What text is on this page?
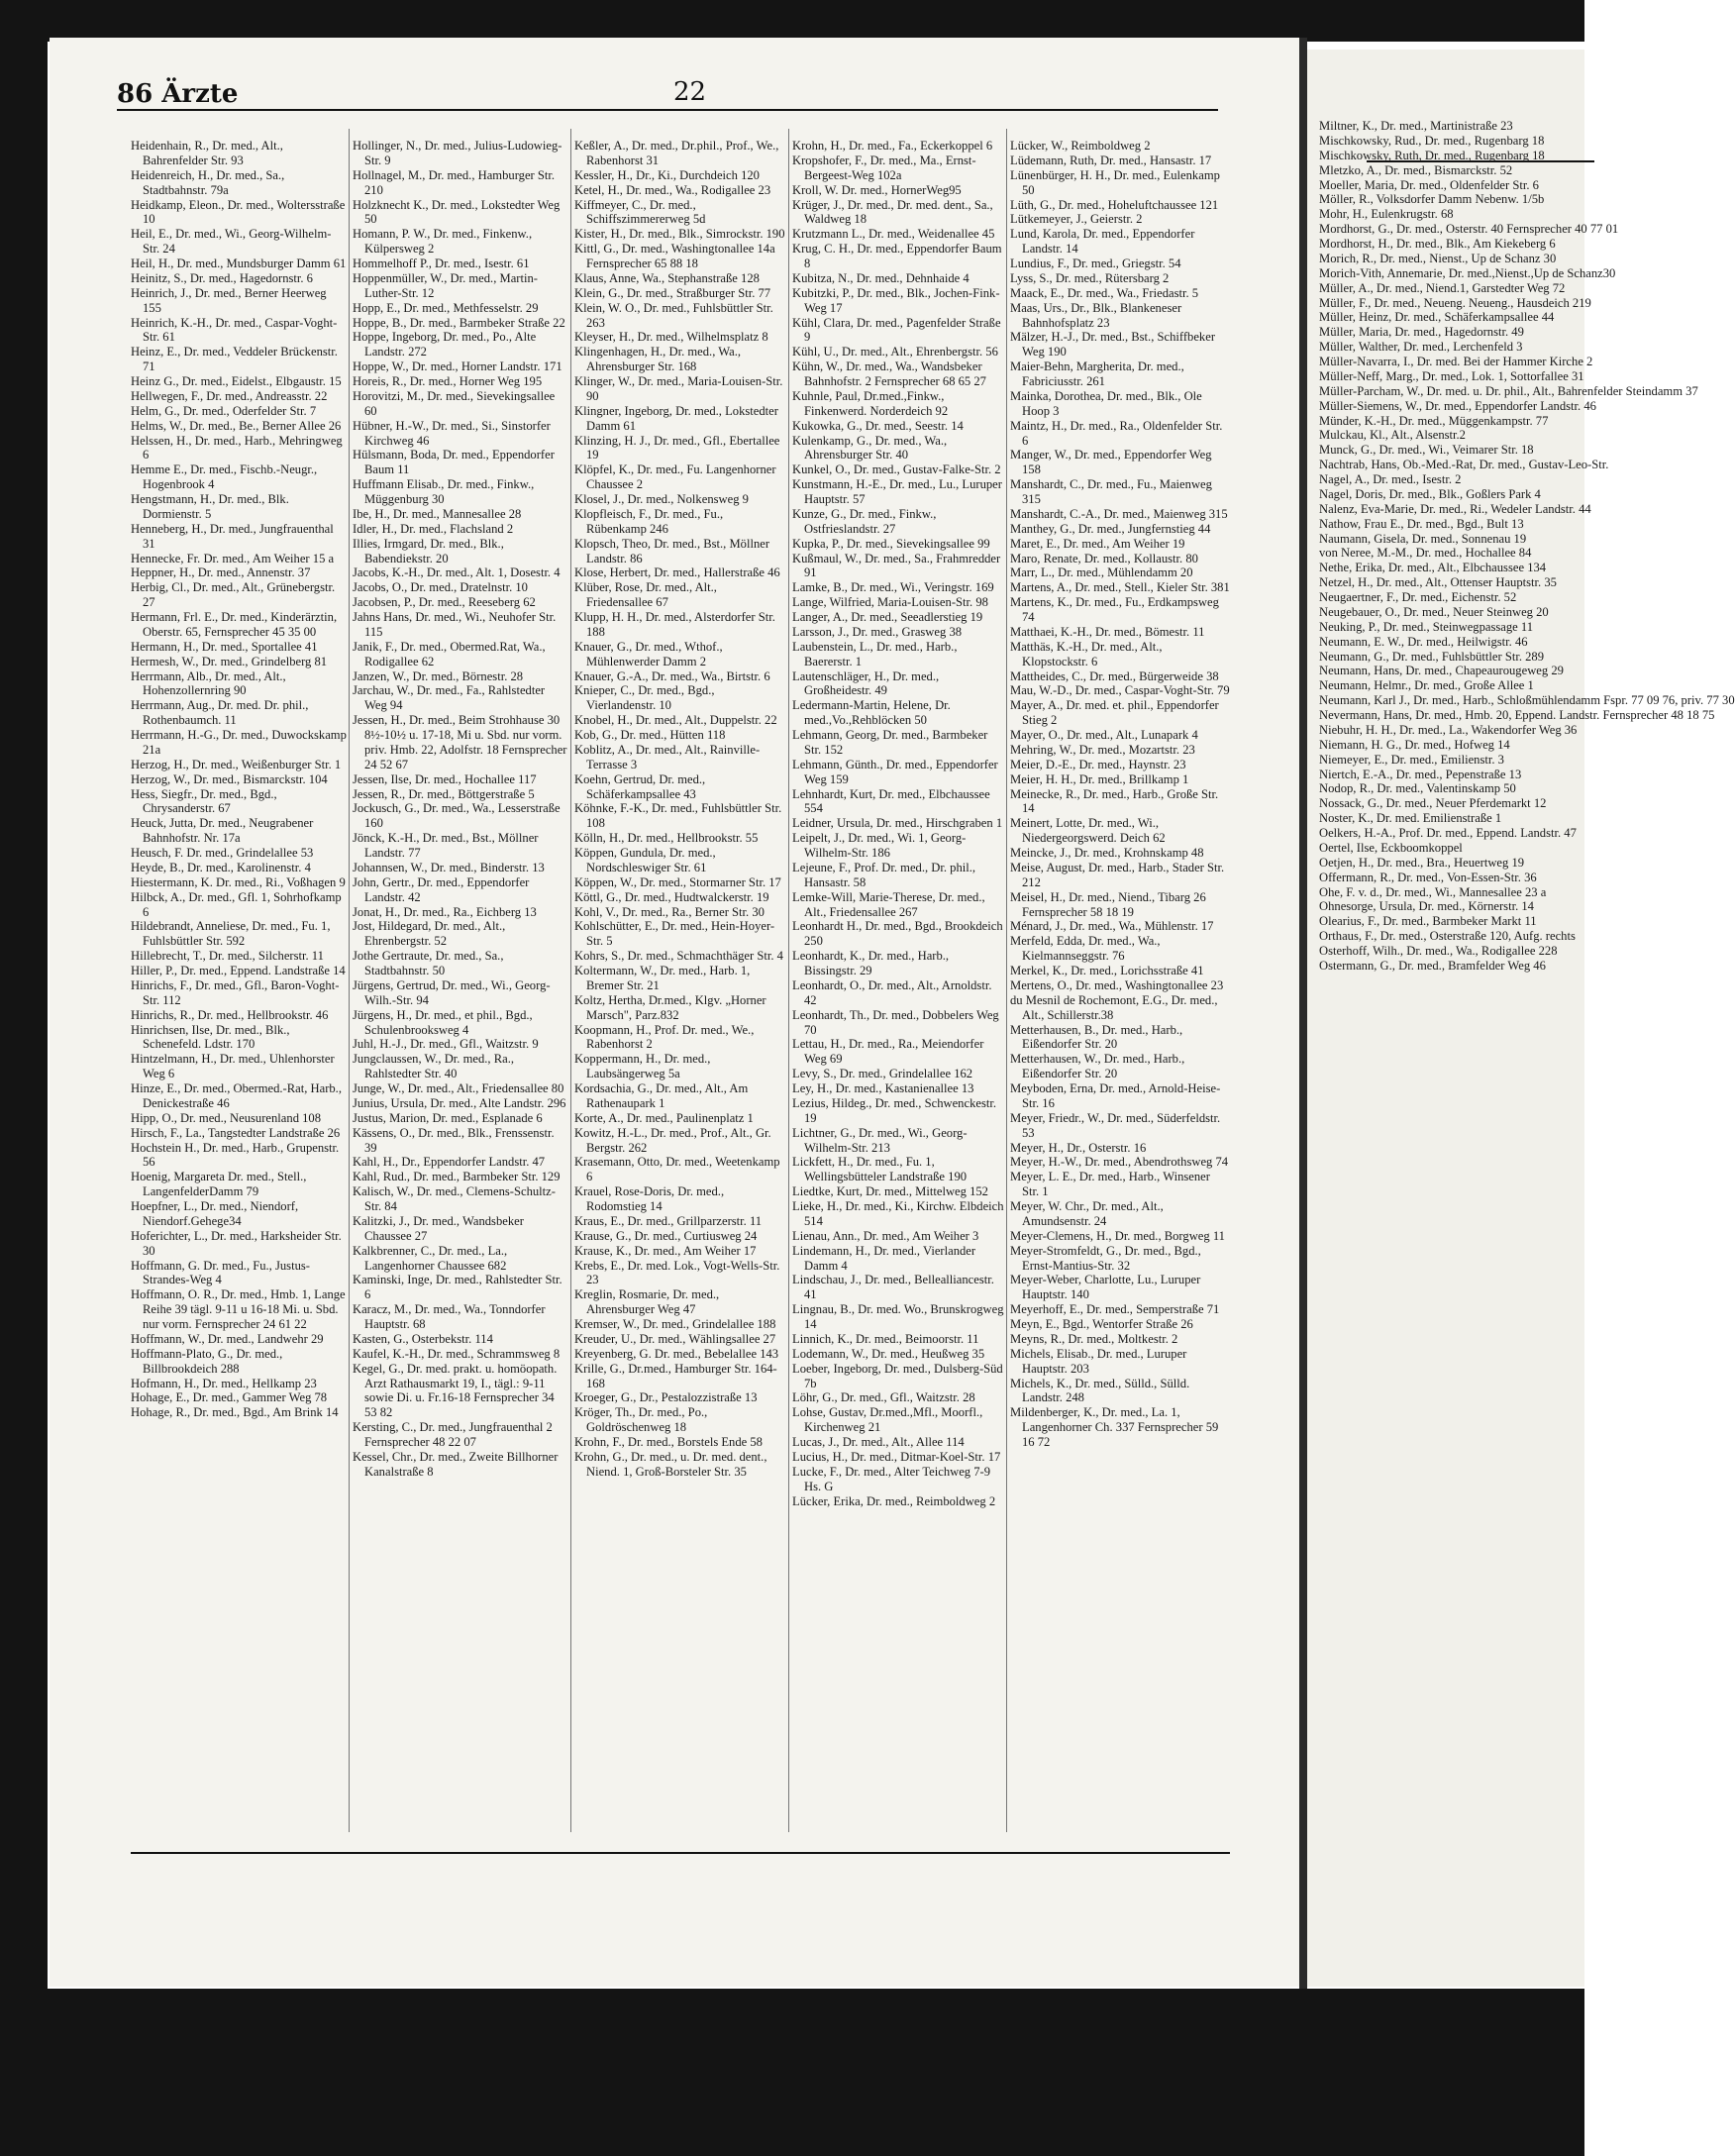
Miltner, K., Dr. med., Martinistraße 23

Mischkowsky, Rud., Dr. med., Rugenbarg 18

Mischkowsky, Ruth, Dr. med., Rugenbarg 18

Mletzko, A., Dr. med., Bismarckstr. 52

Moeller, Maria, Dr. med., Oldenfelder Str. 6

Möller, R., Volksdorfer Damm Nebenw. 1/5b

Mohr, H., Eulenkrugstr. 68

Mordhorst, G., Dr. med., Osterstr. 40 Fernsprecher 40 77 01

Mordhorst, H., Dr. med., Blk., Am Kiekeberg 6

Morich, R., Dr. med., Nienst., Up de Schanz 30

Morich-Vith, Annemarie, Dr. med.,Nienst.,Up de Schanz30

Müller, A., Dr. med., Niend.1, Garstedter Weg 72

Müller, F., Dr. med., Neueng. Neueng., Hausdeich 219

Müller, Heinz, Dr. med., Schäferkampsallee 44

Müller, Maria, Dr. med., Hagedornstr. 49

Müller, Walther, Dr. med., Lerchenfeld 3

Müller-Navarra, I., Dr. med. Bei der Hammer Kirche 2

Müller-Neff, Marg., Dr. med., Lok. 1, Sottorfallee 31

Müller-Parcham, W., Dr. med. u. Dr. phil., Alt., Bahrenfelder Steindamm 37

Müller-Siemens, W., Dr. med., Eppendorfer Landstr. 46

Münder, K.-H., Dr. med., Müggenkampstr. 77

Mulckau, Kl., Alt., Alsenstr.2

Munck, G., Dr. med., Wi., Veimarer Str. 18

Nachtrab, Hans, Ob.-Med.-Rat, Dr. med., Gustav-Leo-Str.

Nagel, A., Dr. med., Isestr. 2

Nagel, Doris, Dr. med., Blk., Goßlers Park 4

Nalenz, Eva-Marie, Dr. med., Ri., Wedeler Landstr. 44

Nathow, Frau E., Dr. med., Bgd., Bult 13

Naumann, Gisela, Dr. med., Sonnenau 19

von Neree, M.-M., Dr. med., Hochallee 84

Nethe, Erika, Dr. med., Alt., Elbchaussee 134

Netzel, H., Dr. med., Alt., Ottenser Hauptstr. 35

Neugaertner, F., Dr. med., Eichenstr. 52

Neugebauer, O., Dr. med., Neuer Steinweg 20

Neuking, P., Dr. med., Steinwegpassage 11

Neumann, E. W., Dr. med., Heilwigstr. 46

Neumann, G., Dr. med., Fuhlsbüttler Str. 289

Neumann, Hans, Dr. med., Chapeaurougeweg 29

Neumann, Helmr., Dr. med., Große Allee 1

Neumann, Karl J., Dr. med., Harb., Schloßmühlendamm Fspr. 77 09 76, priv. 77 30

Nevermann, Hans, Dr. med., Hmb. 20, Eppend. Landstr. Fernsprecher 48 18 75

Niebuhr, H. H., Dr. med., La., Wakendorfer Weg 36

Niemann, H. G., Dr. med., Hofweg 14

Niemeyer, E., Dr. med., Emilienstr. 3

Niertch, E.-A., Dr. med., Pepenstraße 13

Nodop, R., Dr. med., Valentinskamp 50

Nossack, G., Dr. med., Neuer Pferdemarkt 12

Noster, K., Dr. med. Emilienstraße 1

Oelkers, H.-A., Prof. Dr. med., Eppend. Landstr. 47

Oertel, Ilse, Eckboomkoppel

Oetjen, H., Dr. med., Bra., Heuertweg 19

Offermann, R., Dr. med., Von-Essen-Str. 36

Ohe, F. v. d., Dr. med., Wi., Mannesallee 23 a

Ohnesorge, Ursula, Dr. med., Körnerstr. 14

Olearius, F., Dr. med., Barmbeker Markt 11

Orthaus, F., Dr. med., Osterstraße 120, Aufg. rechts

Osterhoff, Wilh., Dr. med., Wa., Rodigallee 228

Ostermann, G., Dr. med., Bramfelder Weg 46

86 Ärzte	22

Heidenhain, R., Dr. med., Alt., Bahrenfelder Str. 93

Heidenreich, H., Dr. med., Sa., Stadtbahnstr. 79a

Heidkamp, Eleon., Dr. med., Woltersstraße 10

Heil, E., Dr. med., Wi., Georg-Wilhelm-Str. 24

Heil, H., Dr. med., Mundsburger Damm 61

Heinitz, S., Dr. med., Hagedornstr. 6

Heinrich, J., Dr. med., Berner Heerweg 155

Heinrich, K.-H., Dr. med., Caspar-Voght-Str. 61

Heinz, E., Dr. med., Veddeler Brückenstr. 71

Heinz G., Dr. med., Eidelst., Elbgaustr. 15

Hellwegen, F., Dr. med., Andreasstr. 22

Helm, G., Dr. med., Oderfelder Str. 7

Helms, W., Dr. med., Be., Berner Allee 26

Helssen, H., Dr. med., Harb., Mehringweg 6

Hemme E., Dr. med., Fischb.-Neugr., Hogenbrook 4

Hengstmann, H., Dr. med., Blk. Dormienstr. 5

Henneberg, H., Dr. med., Jungfrauenthal 31

Hennecke, Fr. Dr. med., Am Weiher 15 a

Heppner, H., Dr. med., Annenstr. 37

Herbig, Cl., Dr. med., Alt., Grünebergstr. 27

Hermann, Frl. E., Dr. med., Kinderärztin, Oberstr. 65, Fernsprecher 45 35 00

Hermann, H., Dr. med., Sportallee 41

Hermesh, W., Dr. med., Grindelberg 81

Herrmann, Alb., Dr. med., Alt., Hohenzollernring 90

Herrmann, Aug., Dr. med. Dr. phil., Rothenbaumch. 11

Herrmann, H.-G., Dr. med., Duwockskamp 21a

Herzog, H., Dr. med., Weißenburger Str. 1

Herzog, W., Dr. med., Bismarckstr. 104

Hess, Siegfr., Dr. med., Bgd., Chrysanderstr. 67

Heuck, Jutta, Dr. med., Neugrabener Bahnhofstr. Nr. 17a

Heusch, F. Dr. med., Grindelallee 53

Heyde, B., Dr. med., Karolinenstr. 4

Hiestermann, K. Dr. med., Ri., Voßhagen 9

Hilbck, A., Dr. med., Gfl. 1, Sohrhofkamp 6

Hildebrandt, Anneliese, Dr. med., Fu. 1, Fuhlsbüttler Str. 592

Hillebrecht, T., Dr. med., Silcherstr. 11

Hiller, P., Dr. med., Eppend. Landstraße 14

Hinrichs, F., Dr. med., Gfl., Baron-Voght-Str. 112

Hinrichs, R., Dr. med., Hellbrookstr. 46

Hinrichsen, Ilse, Dr. med., Blk., Schenefeld. Ldstr. 170

Hintzelmann, H., Dr. med., Uhlenhorster Weg 6

Hinze, E., Dr. med., Obermed.-Rat, Harb., Denickestraße 46

Hipp, O., Dr. med., Neusurenland 108

Hirsch, F., La., Tangstedter Landstraße 26

Hochstein H., Dr. med., Harb., Grupenstr. 56

Hoenig, Margareta Dr. med., Stell., LangenfelderDamm 79

Hoepfner, L., Dr. med., Niendorf, Niendorf.Gehege34

Hoferichter, L., Dr. med., Harksheider Str. 30

Hoffmann, G. Dr. med., Fu., Justus-Strandes-Weg 4

Hoffmann, O. R., Dr. med., Hmb. 1, Lange Reihe 39 tägl. 9-11 u 16-18 Mi. u. Sbd. nur vorm. Fernsprecher 24 61 22

Hoffmann, W., Dr. med., Landwehr 29

Hoffmann-Plato, G., Dr. med., Billbrookdeich 288

Hofmann, H., Dr. med., Hellkamp 23

Hohage, E., Dr. med., Gammer Weg 78

Hohage, R., Dr. med., Bgd., Am Brink 14

Hollinger, N., Dr. med., Julius-Ludowieg-Str. 9

Hollnagel, M., Dr. med., Hamburger Str. 210

Holzknecht K., Dr. med., Lokstedter Weg 50

Homann, P. W., Dr. med., Finkenw., Külpersweg 2

Hommelhoff P., Dr. med., Isestr. 61

Hoppenmüller, W., Dr. med., Martin-Luther-Str. 12

Hopp, E., Dr. med., Methfesselstr. 29

Hoppe, B., Dr. med., Barmbeker Straße 22

Hoppe, Ingeborg, Dr. med., Po., Alte Landstr. 272

Hoppe, W., Dr. med., Horner Landstr. 171

Horeis, R., Dr. med., Horner Weg 195

Horovitzi, M., Dr. med., Sievekingsallee 60

Hübner, H.-W., Dr. med., Si., Sinstorfer Kirchweg 46

Hülsmann, Boda, Dr. med., Eppendorfer Baum 11

Huffmann Elisab., Dr. med., Finkw., Müggenburg 30

Ibe, H., Dr. med., Mannesallee 28

Idler, H., Dr. med., Flachsland 2

Illies, Irmgard, Dr. med., Blk., Babendiekstr. 20

Jacobs, K.-H., Dr. med., Alt. 1, Dosestr. 4

Jacobs, O., Dr. med., Dratelnstr. 10

Jacobsen, P., Dr. med., Reeseberg 62

Jahns Hans, Dr. med., Wi., Neuhofer Str. 115

Janik, F., Dr. med., Obermed.Rat, Wa., Rodigallee 62

Janzen, W., Dr. med., Börnestr. 28

Jarchau, W., Dr. med., Fa., Rahlstedter Weg 94

Jessen, H., Dr. med., Beim Strohhause 30 8½-10½ u. 17-18, Mi u. Sbd. nur vorm. priv. Hmb. 22, Adolfstr. 18 Fernsprecher 24 52 67

Jessen, Ilse, Dr. med., Hochallee 117

Jessen, R., Dr. med., Böttgerstraße 5

Jockusch, G., Dr. med., Wa., Lesserstraße 160

Jönck, K.-H., Dr. med., Bst., Möllner Landstr. 77

Johannsen, W., Dr. med., Binderstr. 13

John, Gertr., Dr. med., Eppendorfer Landstr. 42

Jonat, H., Dr. med., Ra., Eichberg 13

Jost, Hildegard, Dr. med., Alt., Ehrenbergstr. 52

Jothe Gertraute, Dr. med., Sa., Stadtbahnstr. 50

Jürgens, Gertrud, Dr. med., Wi., Georg-Wilh.-Str. 94

Jürgens, H., Dr. med., et phil., Bgd., Schulenbrooksweg 4

Juhl, H.-J., Dr. med., Gfl., Waitzstr. 9

Jungclaussen, W., Dr. med., Ra., Rahlstedter Str. 40

Junge, W., Dr. med., Alt., Friedensallee 80

Junius, Ursula, Dr. med., Alte Landstr. 296

Justus, Marion, Dr. med., Esplanade 6

Kässens, O., Dr. med., Blk., Frenssenstr. 39

Kahl, H., Dr., Eppendorfer Landstr. 47

Kahl, Rud., Dr. med., Barmbeker Str. 129

Kalisch, W., Dr. med., Clemens-Schultz-Str. 84

Kalitzki, J., Dr. med., Wandsbeker Chaussee 27

Kalkbrenner, C., Dr. med., La., Langenhorner Chaussee 682

Kaminski, Inge, Dr. med., Rahlstedter Str. 6

Karacz, M., Dr. med., Wa., Tonndorfer Hauptstr. 68

Kasten, G., Osterbekstr. 114

Kaufel, K.-H., Dr. med., Schrammsweg 8

Kegel, G., Dr. med. prakt. u. homöopath. Arzt Rathausmarkt 19, I., tägl.: 9-11 sowie Di. u. Fr.16-18 Fernsprecher 34 53 82

Kersting, C., Dr. med., Jungfrauenthal 2 Fernsprecher 48 22 07

Kessel, Chr., Dr. med., Zweite Billhorner Kanalstraße 8

Keßler, A., Dr. med., Dr.phil., Prof., We., Rabenhorst 31

Kessler, H., Dr., Ki., Durchdeich 120

Ketel, H., Dr. med., Wa., Rodigallee 23

Kiffmeyer, C., Dr. med., Schiffszimmererweg 5d

Kister, H., Dr. med., Blk., Simrockstr. 190

Kittl, G., Dr. med., Washingtonallee 14a Fernsprecher 65 88 18

Klaus, Anne, Wa., Stephanstraße 128

Klein, G., Dr. med., Straßburger Str. 77

Klein, W. O., Dr. med., Fuhlsbüttler Str. 263

Kleyser, H., Dr. med., Wilhelmsplatz 8

Klingenhagen, H., Dr. med., Wa., Ahrensburger Str. 168

Klinger, W., Dr. med., Maria-Louisen-Str. 90

Klingner, Ingeborg, Dr. med., Lokstedter Damm 61

Klinzing, H. J., Dr. med., Gfl., Ebertallee 19

Klöpfel, K., Dr. med., Fu. Langenhorner Chaussee 2

Klosel, J., Dr. med., Nolkensweg 9

Klopfleisch, F., Dr. med., Fu., Rübenkamp 246

Klopsch, Theo, Dr. med., Bst., Möllner Landstr. 86

Klose, Herbert, Dr. med., Hallerstraße 46

Klüber, Rose, Dr. med., Alt., Friedensallee 67

Klupp, H. H., Dr. med., Alsterdorfer Str. 188

Knauer, G., Dr. med., Wthof., Mühlenwerder Damm 2

Knauer, G.-A., Dr. med., Wa., Birtstr. 6

Knieper, C., Dr. med., Bgd., Vierlandenstr. 10

Knobel, H., Dr. med., Alt., Duppelstr. 22

Kob, G., Dr. med., Hütten 118

Koblitz, A., Dr. med., Alt., Rainville-Terrasse 3

Koehn, Gertrud, Dr. med., Schäferkampsallee 43

Köhnke, F.-K., Dr. med., Fuhlsbüttler Str. 108

Kölln, H., Dr. med., Hellbrookstr. 55

Köppen, Gundula, Dr. med., Nordschleswiger Str. 61

Köppen, W., Dr. med., Stormarner Str. 17

Köttl, G., Dr. med., Hudtwalckerstr. 19

Kohl, V., Dr. med., Ra., Berner Str. 30

Kohlschütter, E., Dr. med., Hein-Hoyer-Str. 5

Kohrs, S., Dr. med., Schmachthäger Str. 4

Koltermann, W., Dr. med., Harb. 1, Bremer Str. 21

Koltz, Hertha, Dr.med., Klgv. „Horner Marsch", Parz.832

Koopmann, H., Prof. Dr. med., We., Rabenhorst 2

Koppermann, H., Dr. med., Laubsängerweg 5a

Kordsachia, G., Dr. med., Alt., Am Rathenaupark 1

Korte, A., Dr. med., Paulinenplatz 1

Kowitz, H.-L., Dr. med., Prof., Alt., Gr. Bergstr. 262

Krasemann, Otto, Dr. med., Weetenkamp 6

Krauel, Rose-Doris, Dr. med., Rodomstieg 14

Kraus, E., Dr. med., Grillparzerstr. 11

Krause, G., Dr. med., Curtiusweg 24

Krause, K., Dr. med., Am Weiher 17

Krebs, E., Dr. med. Lok., Vogt-Wells-Str. 23

Kreglin, Rosmarie, Dr. med., Ahrensburger Weg 47

Kremser, W., Dr. med., Grindelallee 188

Kreuder, U., Dr. med., Wählingsallee 27

Kreyenberg, G. Dr. med., Bebelallee 143

Krille, G., Dr.med., Hamburger Str. 164-168

Kroeger, G., Dr., Pestalozzistraße 13

Kröger, Th., Dr. med., Po., Goldröschenweg 18

Krohn, F., Dr. med., Borstels Ende 58

Krohn, G., Dr. med., u. Dr. med. dent., Niend. 1, Groß-Borsteler Str. 35

Krohn, H., Dr. med., Fa., Eckerkoppel 6

Kropshofer, F., Dr. med., Ma., Ernst-Bergeest-Weg 102a

Kroll, W. Dr. med., HornerWeg95

Krüger, J., Dr. med., Dr. med. dent., Sa., Waldweg 18

Krutzmann L., Dr. med., Weidenallee 45

Krug, C. H., Dr. med., Eppendorfer Baum 8

Kubitza, N., Dr. med., Dehnhaide 4

Kubitzki, P., Dr. med., Blk., Jochen-Fink-Weg 17

Kühl, Clara, Dr. med., Pagenfelder Straße 9

Kühl, U., Dr. med., Alt., Ehrenbergstr. 56

Kühn, W., Dr. med., Wa., Wandsbeker Bahnhofstr. 2 Fernsprecher 68 65 27

Kuhnle, Paul, Dr.med.,Finkw., Finkenwerd. Norderdeich 92

Kukowka, G., Dr. med., Seestr. 14

Kulenkamp, G., Dr. med., Wa., Ahrensburger Str. 40

Kunkel, O., Dr. med., Gustav-Falke-Str. 2

Kunstmann, H.-E., Dr. med., Lu., Luruper Hauptstr. 57

Kunze, G., Dr. med., Finkw., Ostfrieslandstr. 27

Kupka, P., Dr. med., Sievekingsallee 99

Kußmaul, W., Dr. med., Sa., Frahmredder 91

Lamke, B., Dr. med., Wi., Veringstr. 169

Lange, Wilfried, Maria-Louisen-Str. 98

Langer, A., Dr. med., Seeadlerstieg 19

Larsson, J., Dr. med., Grasweg 38

Laubenstein, L., Dr. med., Harb., Baererstr. 1

Lautenschläger, H., Dr. med., Großheidestr. 49

Ledermann-Martin, Helene, Dr. med.,Vo.,Rehblöcken 50

Lehmann, Georg, Dr. med., Barmbeker Str. 152

Lehmann, Günth., Dr. med., Eppendorfer Weg 159

Lehnhardt, Kurt, Dr. med., Elbchaussee 554

Leidner, Ursula, Dr. med., Hirschgraben 1

Leipelt, J., Dr. med., Wi. 1, Georg-Wilhelm-Str. 186

Lejeune, F., Prof. Dr. med., Dr. phil., Hansastr. 58

Lemke-Will, Marie-Therese, Dr. med., Alt., Friedensallee 267

Leonhardt H., Dr. med., Bgd., Brookdeich 250

Leonhardt, K., Dr. med., Harb., Bissingstr. 29

Leonhardt, O., Dr. med., Alt., Arnoldstr. 42

Leonhardt, Th., Dr. med., Dobbelers Weg 70

Lettau, H., Dr. med., Ra., Meiendorfer Weg 69

Levy, S., Dr. med., Grindelallee 162

Ley, H., Dr. med., Kastanienallee 13

Lezius, Hildeg., Dr. med., Schwenckestr. 19

Lichtner, G., Dr. med., Wi., Georg-Wilhelm-Str. 213

Lickfett, H., Dr. med., Fu. 1, Wellingsbütteler Landstraße 190

Liedtke, Kurt, Dr. med., Mittelweg 152

Lieke, H., Dr. med., Ki., Kirchw. Elbdeich 514

Lienau, Ann., Dr. med., Am Weiher 3

Lindemann, H., Dr. med., Vierlander Damm 4

Lindschau, J., Dr. med., Bellealliancestr. 41

Lingnau, B., Dr. med. Wo., Brunskrogweg 14

Linnich, K., Dr. med., Beimoorstr. 11

Lodemann, W., Dr. med., Heußweg 35

Loeber, Ingeborg, Dr. med., Dulsberg-Süd 7b

Löhr, G., Dr. med., Gfl., Waitzstr. 28

Lohse, Gustav, Dr.med.,Mfl., Moorfl., Kirchenweg 21

Lucas, J., Dr. med., Alt., Allee 114

Lucius, H., Dr. med., Ditmar-Koel-Str. 17

Lucke, F., Dr. med., Alter Teichweg 7-9 Hs. G

Lücker, Erika, Dr. med., Reimboldweg 2

Lücker, W., Reimboldweg 2

Lüdemann, Ruth, Dr. med., Hansastr. 17

Lünenbürger, H. H., Dr. med., Eulenkamp 50

Lüth, G., Dr. med., Hoheluftchaussee 121

Lütkemeyer, J., Geierstr. 2

Lund, Karola, Dr. med., Eppendorfer Landstr. 14

Lundius, F., Dr. med., Griegstr. 54

Lyss, S., Dr. med., Rütersbarg 2

Maack, E., Dr. med., Wa., Friedastr. 5

Maas, Urs., Dr., Blk., Blankeneser Bahnhofsplatz 23

Mälzer, H.-J., Dr. med., Bst., Schiffbeker Weg 190

Maier-Behn, Margherita, Dr. med., Fabriciusstr. 261

Mainka, Dorothea, Dr. med., Blk., Ole Hoop 3

Maintz, H., Dr. med., Ra., Oldenfelder Str. 6

Manger, W., Dr. med., Eppendorfer Weg 158

Manshardt, C., Dr. med., Fu., Maienweg 315

Manshardt, C.-A., Dr. med., Maienweg 315

Manthey, G., Dr. med., Jungfernstieg 44

Maret, E., Dr. med., Am Weiher 19

Maro, Renate, Dr. med., Kollaustr. 80

Marr, L., Dr. med., Mühlendamm 20

Martens, A., Dr. med., Stell., Kieler Str. 381

Martens, K., Dr. med., Fu., Erdkampsweg 74

Matthaei, K.-H., Dr. med., Bömestr. 11

Matthäs, K.-H., Dr. med., Alt., Klopstockstr. 6

Mattheides, C., Dr. med., Bürgerweide 38

Mau, W.-D., Dr. med., Caspar-Voght-Str. 79

Mayer, A., Dr. med. et. phil., Eppendorfer Stieg 2

Mayer, O., Dr. med., Alt., Lunapark 4

Mehring, W., Dr. med., Mozartstr. 23

Meier, D.-E., Dr. med., Haynstr. 23

Meier, H. H., Dr. med., Brillkamp 1

Meinecke, R., Dr. med., Harb., Große Str. 14

Meinert, Lotte, Dr. med., Wi., Niedergeorgswerd. Deich 62

Meincke, J., Dr. med., Krohnskamp 48

Meise, August, Dr. med., Harb., Stader Str. 212

Meisel, H., Dr. med., Niend., Tibarg 26 Fernsprecher 58 18 19

Ménard, J., Dr. med., Wa., Mühlenstr. 17

Merfeld, Edda, Dr. med., Wa., Kielmannseggstr. 76

Merkel, K., Dr. med., Lorichsstraße 41

Mertens, O., Dr. med., Washingtonallee 23

du Mesnil de Rochemont, E.G., Dr. med., Alt., Schillerstr.38

Metterhausen, B., Dr. med., Harb., Eißendorfer Str. 20

Metterhausen, W., Dr. med., Harb., Eißendorfer Str. 20

Meyboden, Erna, Dr. med., Arnold-Heise-Str. 16

Meyer, Friedr., W., Dr. med., Süderfeldstr. 53

Meyer, H., Dr., Osterstr. 16

Meyer, H.-W., Dr. med., Abendrothsweg 74

Meyer, L. E., Dr. med., Harb., Winsener Str. 1

Meyer, W. Chr., Dr. med., Alt., Amundsenstr. 24

Meyer-Clemens, H., Dr. med., Borgweg 11

Meyer-Stromfeldt, G., Dr. med., Bgd., Ernst-Mantius-Str. 32

Meyer-Weber, Charlotte, Lu., Luruper Hauptstr. 140

Meyerhoff, E., Dr. med., Semperstraße 71

Meyn, E., Bgd., Wentorfer Straße 26

Meyns, R., Dr. med., Moltkestr. 2

Michels, Elisab., Dr. med., Luruper Hauptstr. 203

Michels, K., Dr. med., Sülld., Sülld. Landstr. 248

Mildenberger, K., Dr. med., La. 1, Langenhorner Ch. 337 Fernsprecher 59 16 72
